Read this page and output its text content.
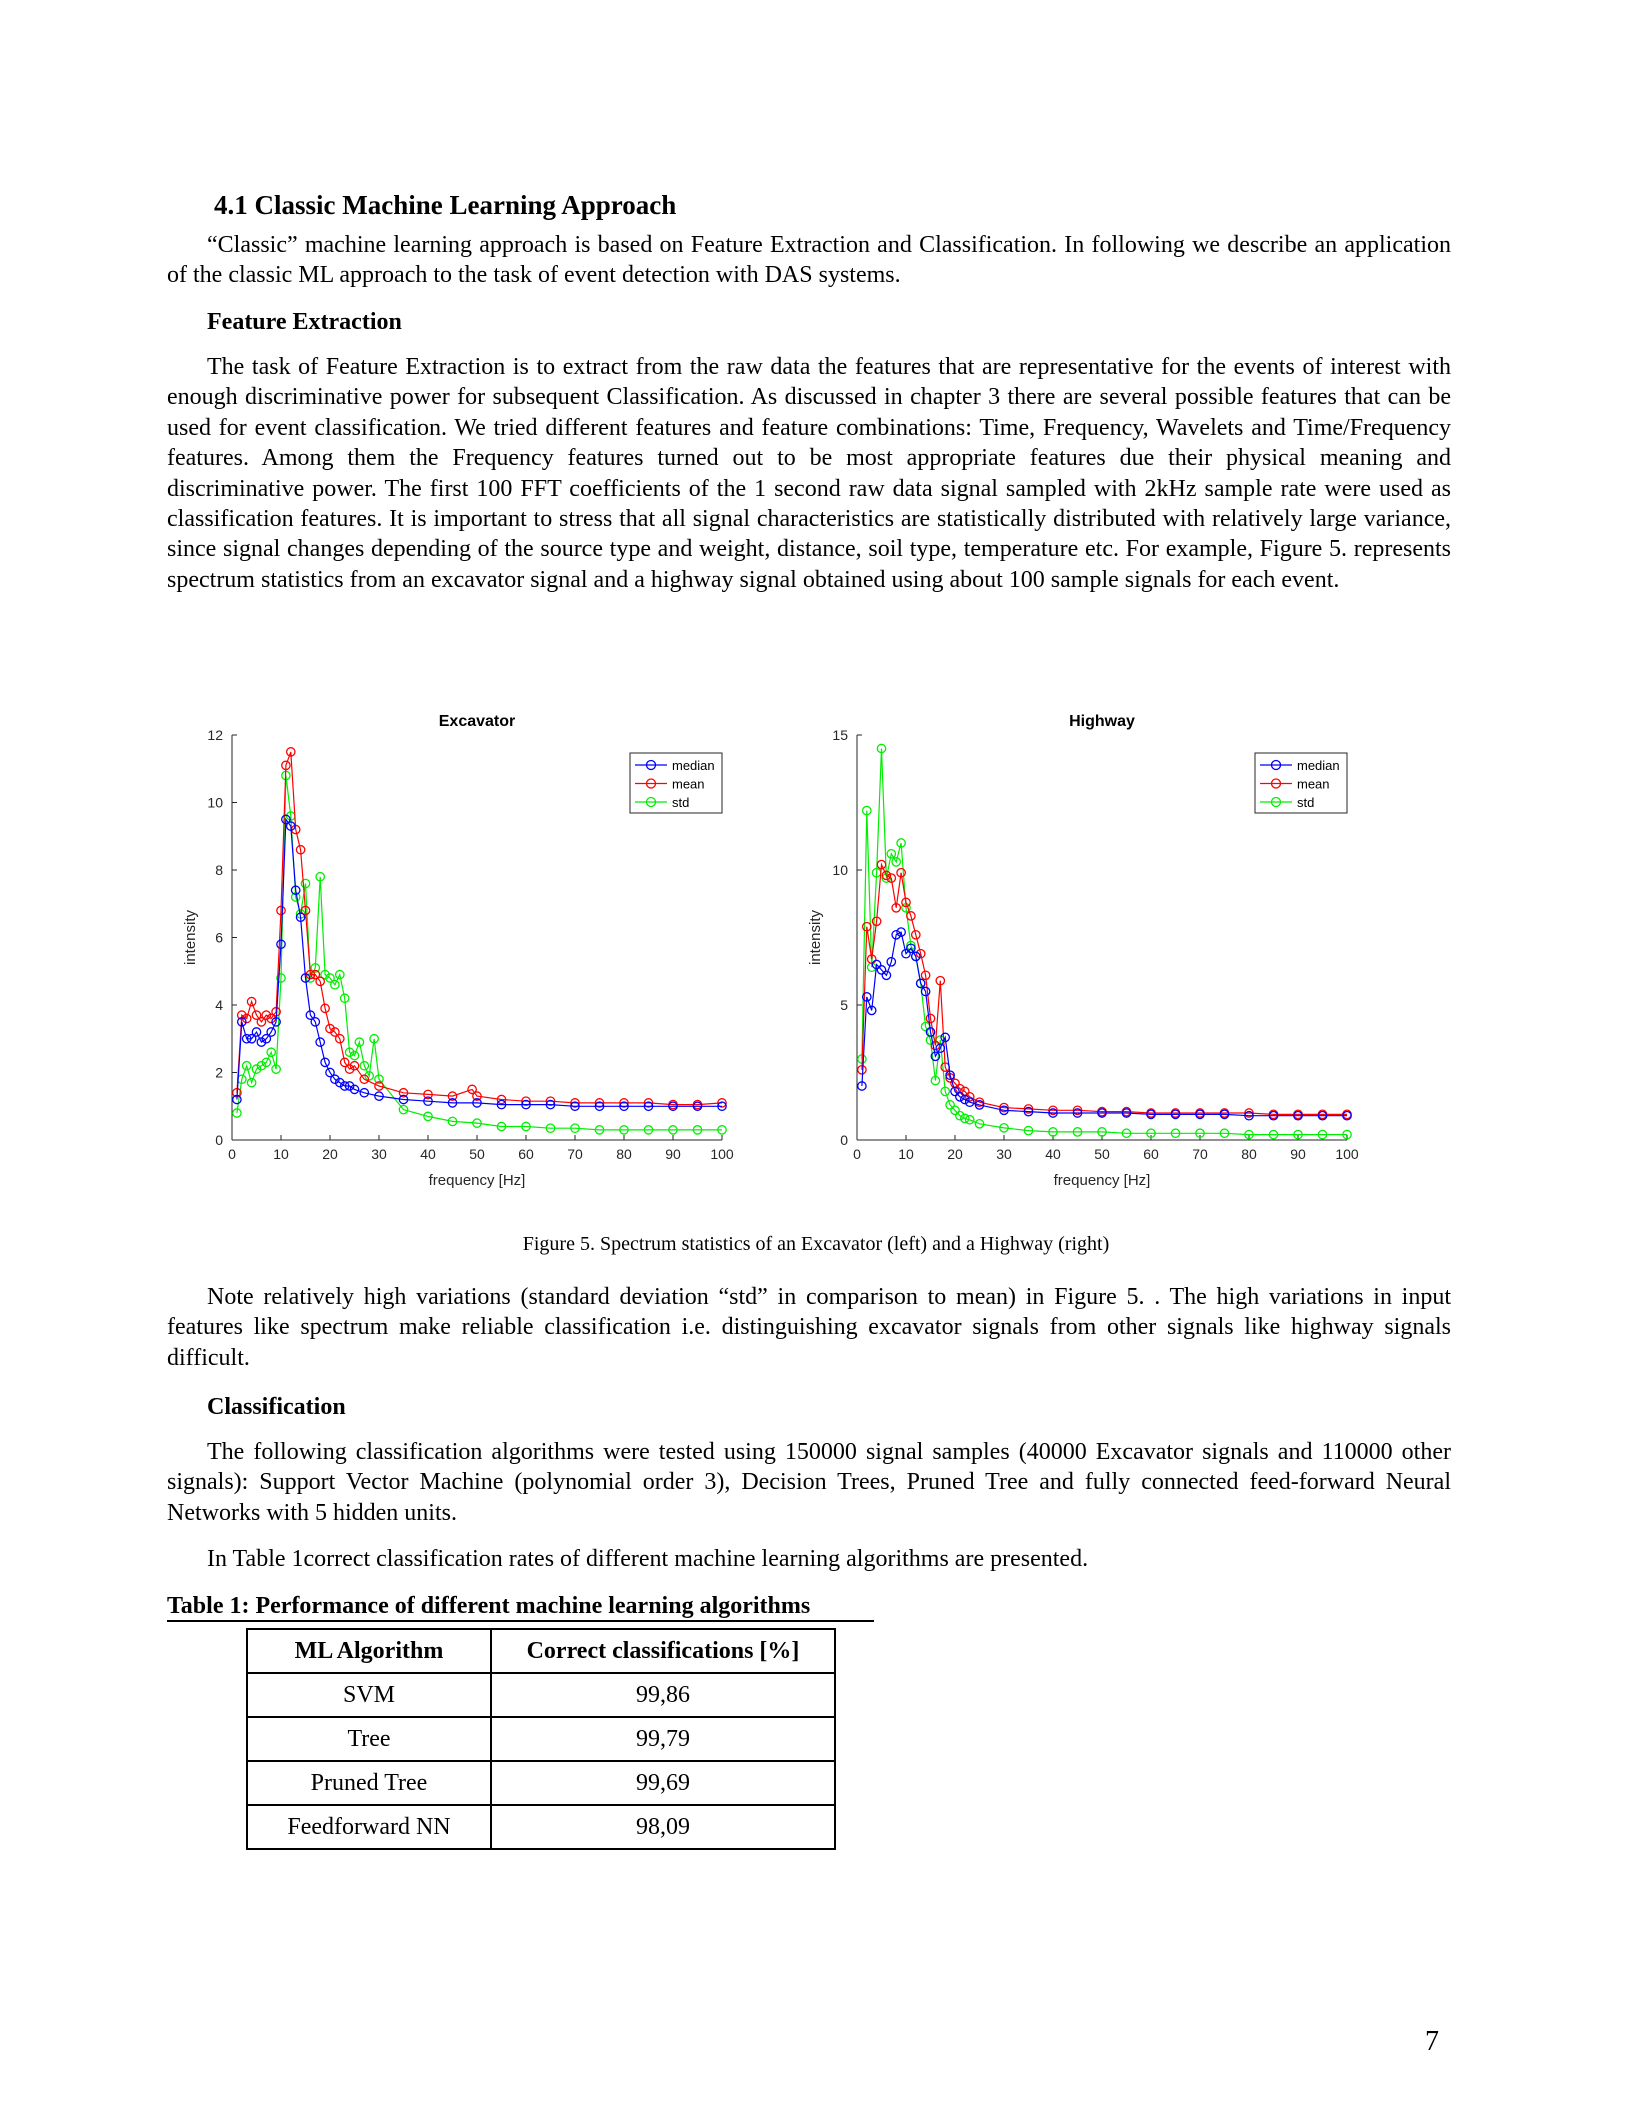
4.1 Classic Machine Learning Approach

“Classic” machine learning approach is based on Feature Extraction and Classification. In following we describe an application of the classic ML approach to the task of event detection with DAS systems.

Feature Extraction

The task of Feature Extraction is to extract from the raw data the features that are representative for the events of interest with enough discriminative power for subsequent Classification. As discussed in chapter 3 there are several possible features that can be used for event classification. We tried different features and feature combinations: Time, Frequency, Wavelets and Time/Frequency features. Among them the Frequency features turned out to be most appropriate features due their physical meaning and discriminative power. The first 100 FFT coefficients of the 1 second raw data signal sampled with 2kHz sample rate were used as classification features. It is important to stress that all signal characteristics are statistically distributed with relatively large variance, since signal changes depending of the source type and weight, distance, soil type, temperature etc. For example, Figure 5. represents spectrum statistics from an excavator signal and a highway signal obtained using about 100 sample signals for each event.

Excavator
0	10 20 30 40 50 60 70 80 90 100
0
2
4
6
8
10
12
frequency [Hz]
intensity
median
mean
std
Highway
0	10 20 30 40 50 60 70 80 90 100
0
5
10
15
frequency [Hz]
intensity
median
mean
std
Figure 5. Spectrum statistics of an Excavator (left) and a Highway (right)

Note relatively high variations (standard deviation “std” in comparison to mean) in Figure 5. . The high variations in input features like spectrum make reliable classification i.e. distinguishing excavator signals from other signals like highway signals difficult.

Classification

The following classification algorithms were tested using 150000 signal samples (40000 Excavator signals and 110000 other signals): Support Vector Machine (polynomial order 3), Decision Trees, Pruned Tree and fully connected feed-forward Neural Networks with 5 hidden units.

In Table 1correct classification rates of different machine learning algorithms are presented.

Table 1: Performance of different machine learning algorithms
ML Algorithm	Correct classifications [%]
SVM	99,86
Tree	99,79
Pruned Tree	99,69
Feedforward NN	98,09
7
